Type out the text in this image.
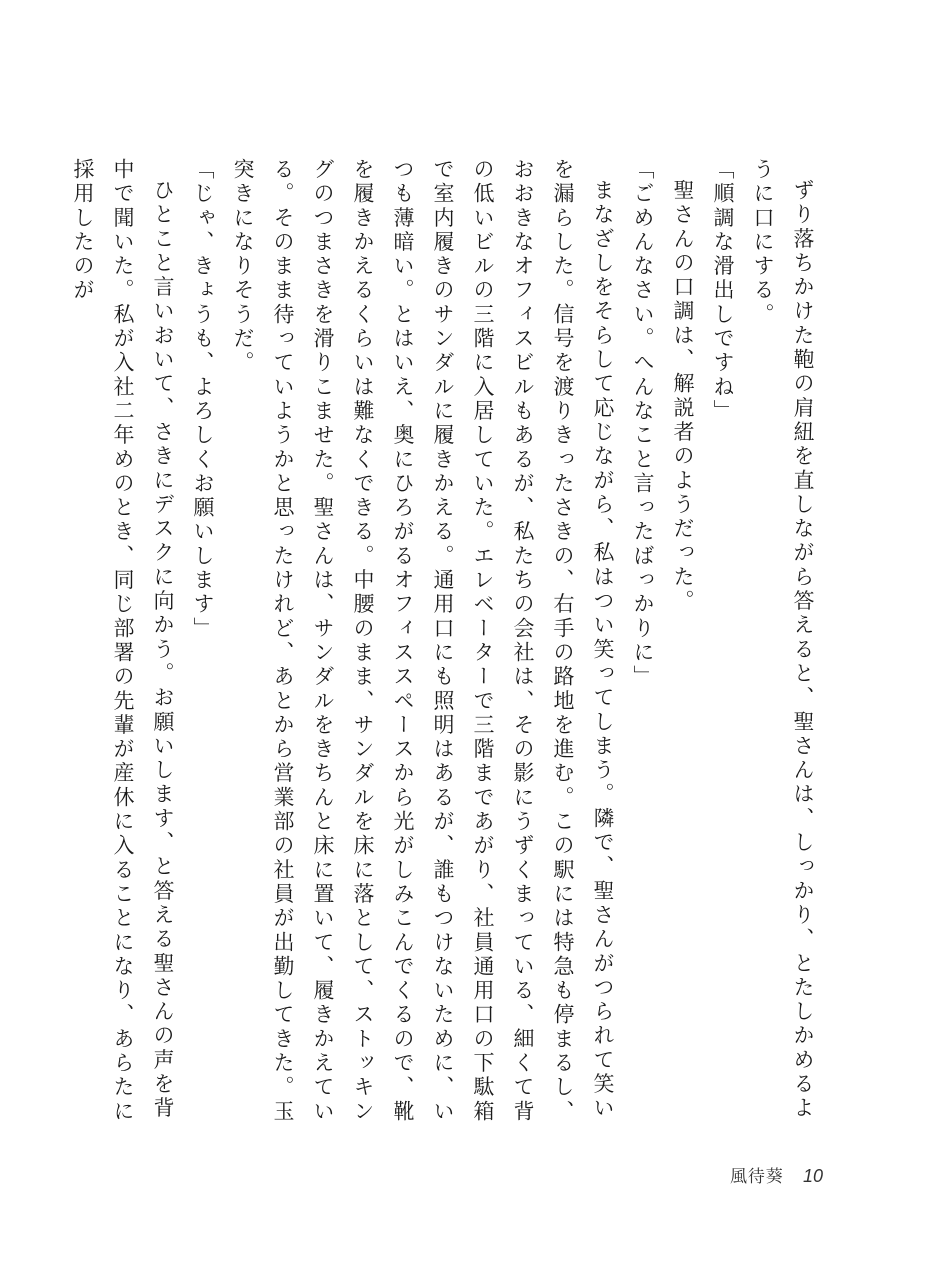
ずり落ちかけた鞄の肩紐を直しながら答えると、聖さんは、しっかり、とたしかめるように口にする。

「順調な滑出しですね」

聖さんの口調は、解説者のようだった。

「ごめんなさい。へんなこと言ったばっかりに」

まなざしをそらして応じながら、私はつい笑ってしまう。隣で、聖さんがつられて笑いを漏らした。信号を渡りきったさきの、右手の路地を進む。この駅には特急も停まるし、おおきなオフィスビルもあるが、私たちの会社は、その影にうずくまっている、細くて背の低いビルの三階に入居していた。エレベーターで三階まであがり、社員通用口の下駄箱で室内履きのサンダルに履きかえる。通用口にも照明はあるが、誰もつけないために、いつも薄暗い。とはいえ、奥にひろがるオフィススペースから光がしみこんでくるので、靴を履きかえるくらいは難なくできる。中腰のまま、サンダルを床に落として、ストッキングのつまさきを滑りこませた。聖さんは、サンダルをきちんと床に置いて、履きかえている。そのまま待っていようかと思ったけれど、あとから営業部の社員が出勤してきた。玉突きになりそうだ。

「じゃ、きょうも、よろしくお願いします」

ひとこと言いおいて、さきにデスクに向かう。お願いします、と答える聖さんの声を背中で聞いた。私が入社二年めのとき、同じ部署の先輩が産休に入ることになり、あらたに採用したのが

風待葵 10
